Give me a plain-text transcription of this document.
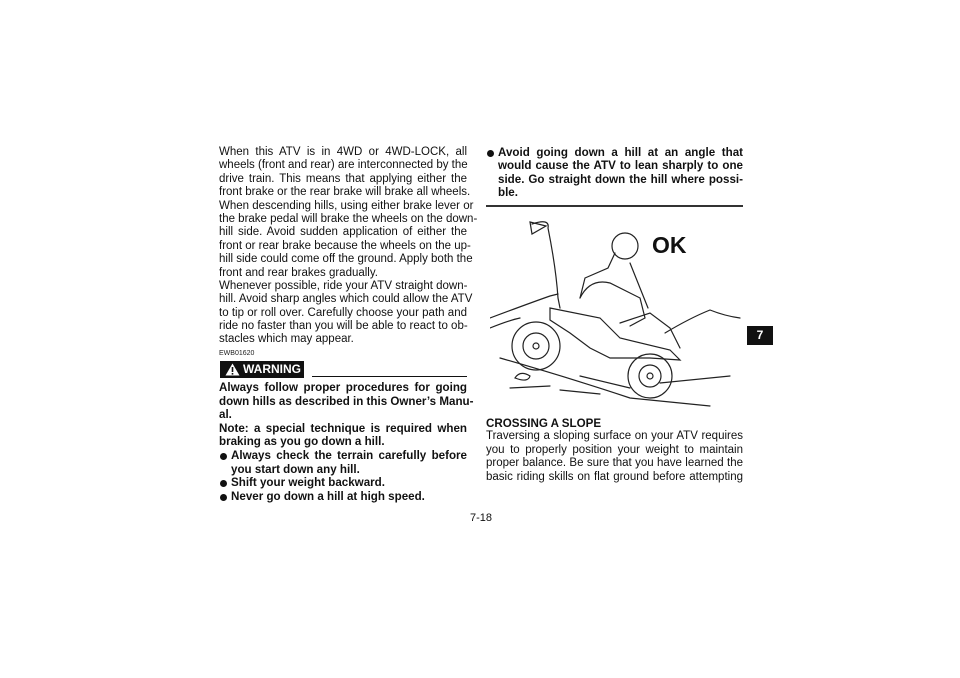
When this ATV is in 4WD or 4WD-LOCK, all
wheels (front and rear) are interconnected by the
drive train. This means that applying either the
front brake or the rear brake will brake all wheels.
When descending hills, using either brake lever or
the brake pedal will brake the wheels on the down-
hill side. Avoid sudden application of either the
front or rear brake because the wheels on the up-
hill side could come off the ground. Apply both the
front and rear brakes gradually.
Whenever possible, ride your ATV straight down-
hill. Avoid sharp angles which could allow the ATV
to tip or roll over. Carefully choose your path and
ride no faster than you will be able to react to ob-
stacles which may appear.
EWB01620
WARNING
Always follow proper procedures for going
down hills as described in this Owner’s Manu-
al.
Note: a special technique is required when
braking as you go down a hill.
Always check the terrain carefully before
you start down any hill.
Shift your weight backward.
Never go down a hill at high speed.
Avoid going down a hill at an angle that
would cause the ATV to lean sharply to one
side. Go straight down the hill where possi-
ble.
OK
CROSSING A SLOPE
Traversing a sloping surface on your ATV requires
you to properly position your weight to maintain
proper balance. Be sure that you have learned the
basic riding skills on flat ground before attempting
7-18
7
